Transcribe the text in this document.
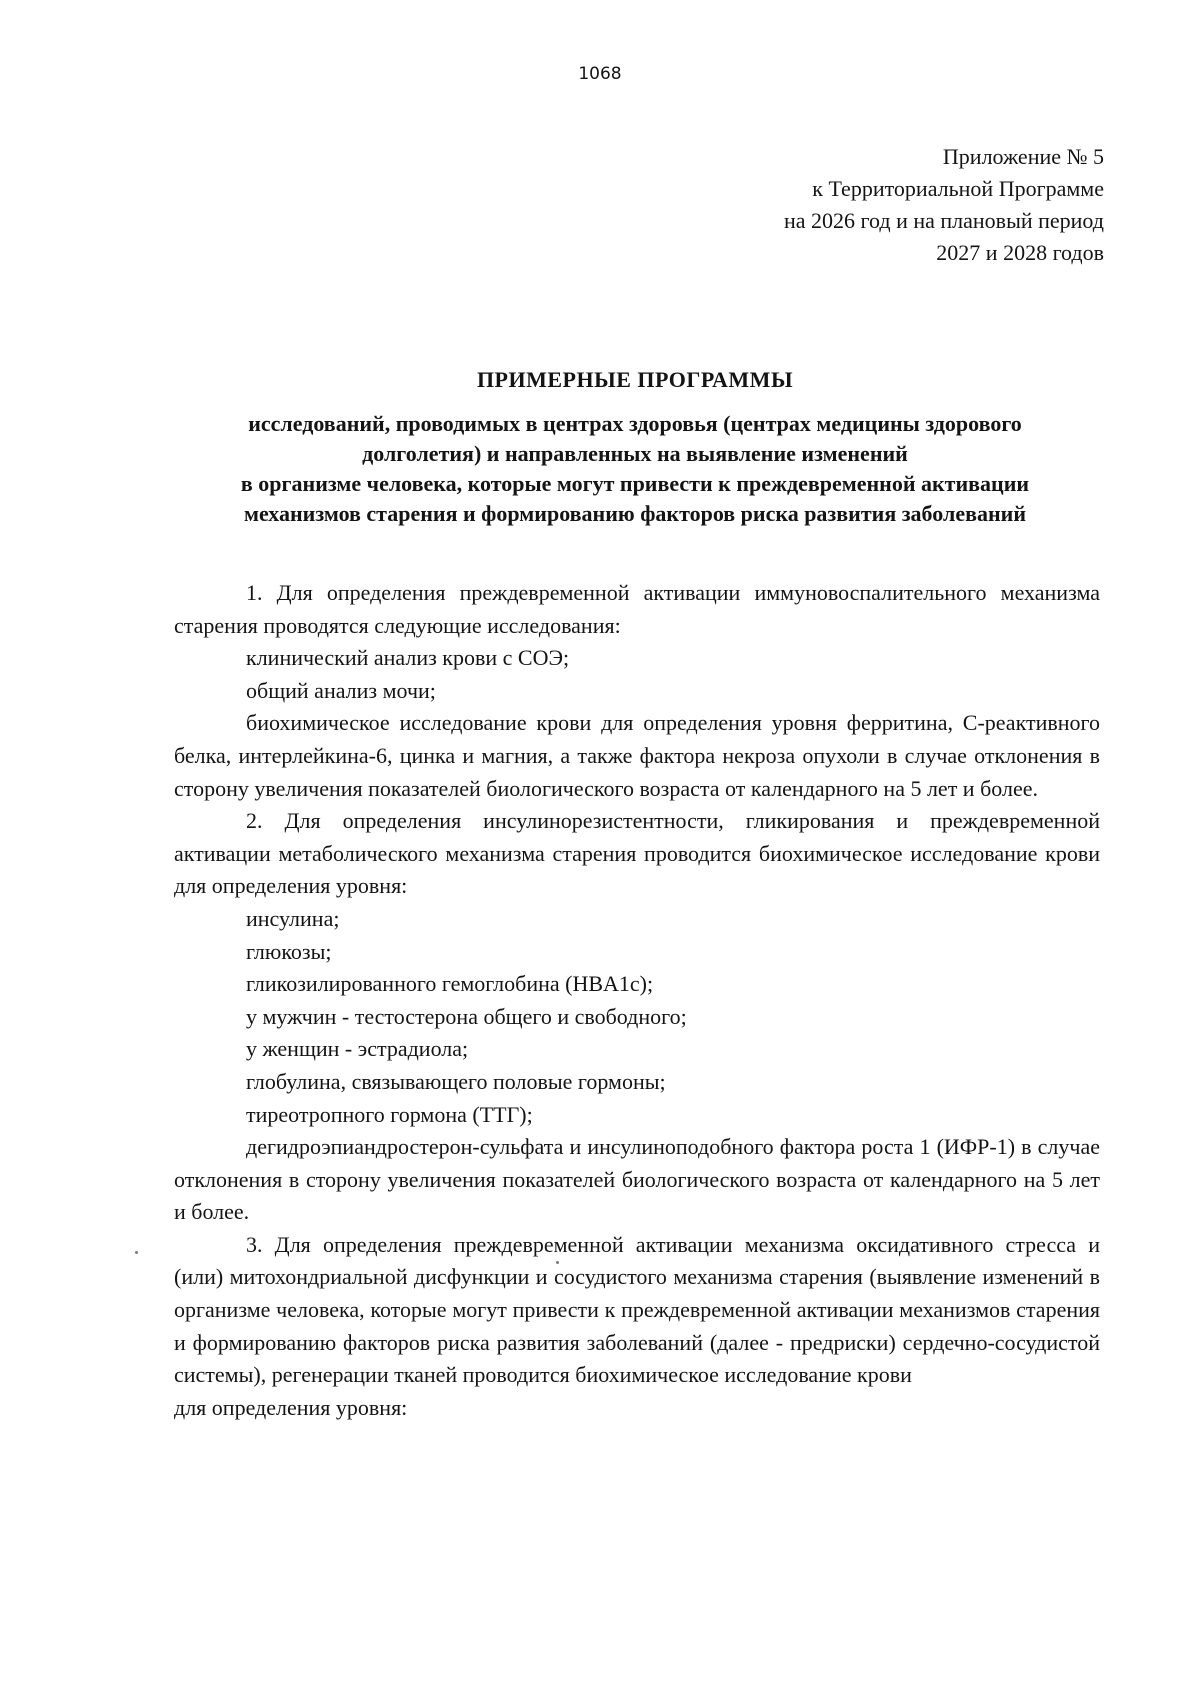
1068
Приложение № 5
к Территориальной Программе
на 2026 год и на плановый период
2027 и 2028 годов
ПРИМЕРНЫЕ ПРОГРАММЫ
исследований, проводимых в центрах здоровья (центрах медицины здорового
долголетия) и направленных на выявление изменений
в организме человека, которые могут привести к преждевременной активации
механизмов старения и формированию факторов риска развития заболеваний

1. Для определения преждевременной активации иммуновоспалительного механизма старения проводятся следующие исследования:

клинический анализ крови с СОЭ;

общий анализ мочи;

биохимическое исследование крови для определения уровня ферритина, С-реактивного белка, интерлейкина-6, цинка и магния, а также фактора некроза опухоли в случае отклонения в сторону увеличения показателей биологического возраста от календарного на 5 лет и более.

2. Для определения инсулинорезистентности, гликирования и преждевременной активации метаболического механизма старения проводится биохимическое исследование крови для определения уровня:

инсулина;

глюкозы;

гликозилированного гемоглобина (HBA1c);

у мужчин - тестостерона общего и свободного;

у женщин - эстрадиола;

глобулина, связывающего половые гормоны;

тиреотропного гормона (ТТГ);

дегидроэпиандростерон-сульфата и инсулиноподобного фактора роста 1 (ИФР-1) в случае отклонения в сторону увеличения показателей биологического возраста от календарного на 5 лет и более.

3. Для определения преждевременной активации механизма оксидативного стресса и (или) митохондриальной дисфункции и сосудистого механизма старения (выявление изменений в организме человека, которые могут привести к преждевременной активации механизмов старения и формированию факторов риска развития заболеваний (далее - предриски) сердечно-сосудистой системы), регенерации тканей проводится биохимическое исследование крови

для определения уровня:
